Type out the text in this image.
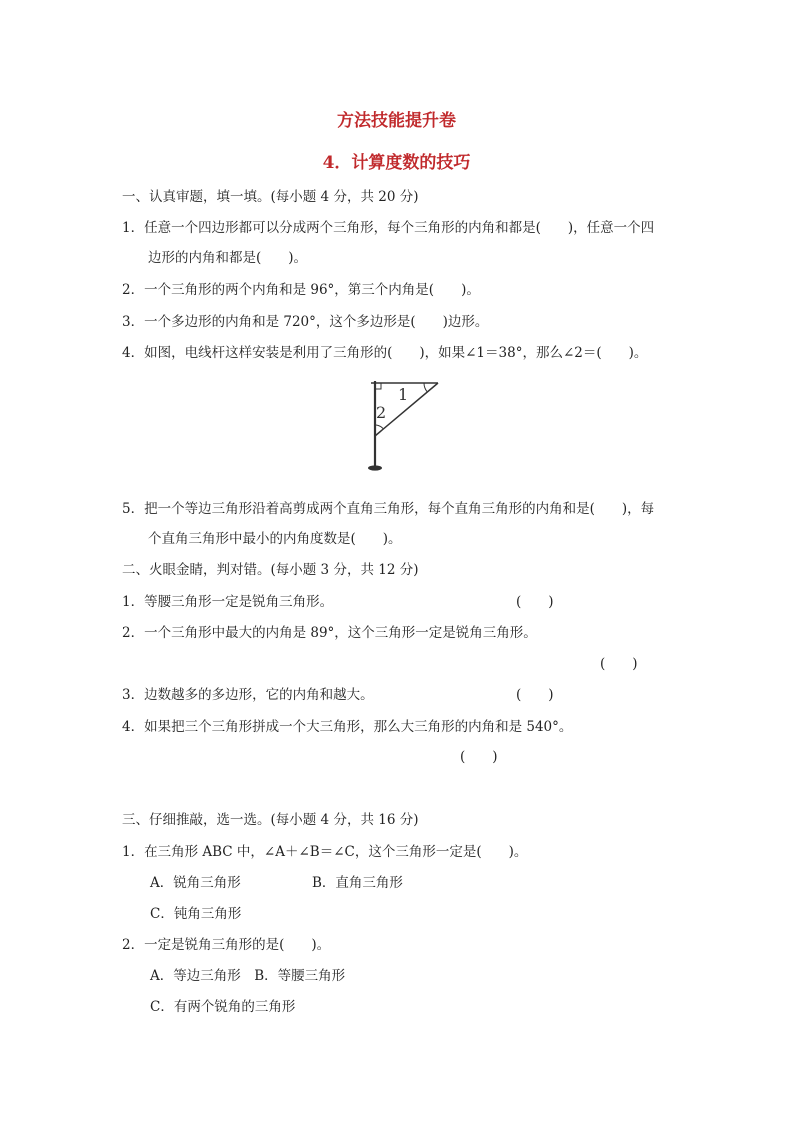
方法技能提升卷
4．计算度数的技巧
一、认真审题，填一填。(每小题 4 分，共 20 分)
1．任意一个四边形都可以分成两个三角形，每个三角形的内角和都是(　　)，任意一个四
边形的内角和都是(　　)。
2．一个三角形的两个内角和是 96°，第三个内角是(　　)。
3．一个多边形的内角和是 720°，这个多边形是(　　)边形。
4．如图，电线杆这样安装是利用了三角形的(　　)，如果∠1＝38°，那么∠2＝(　　)。
1
2
5．把一个等边三角形沿着高剪成两个直角三角形，每个直角三角形的内角和是(　　)，每
个直角三角形中最小的内角度数是(　　)。
二、火眼金睛，判对错。(每小题 3 分，共 12 分)
1．等腰三角形一定是锐角三角形。	(　　)
2．一个三角形中最大的内角是 89°，这个三角形一定是锐角三角形。
(　　)
3．边数越多的多边形，它的内角和越大。	(　　)
4．如果把三个三角形拼成一个大三角形，那么大三角形的内角和是 540°。
(　　)
三、仔细推敲，选一选。(每小题 4 分，共 16 分)
1．在三角形 ABC 中，∠A＋∠B＝∠C，这个三角形一定是(　　)。
A．锐角三角形	B．直角三角形
C．钝角三角形
2．一定是锐角三角形的是(　　)。
A．等边三角形　B．等腰三角形
C．有两个锐角的三角形
